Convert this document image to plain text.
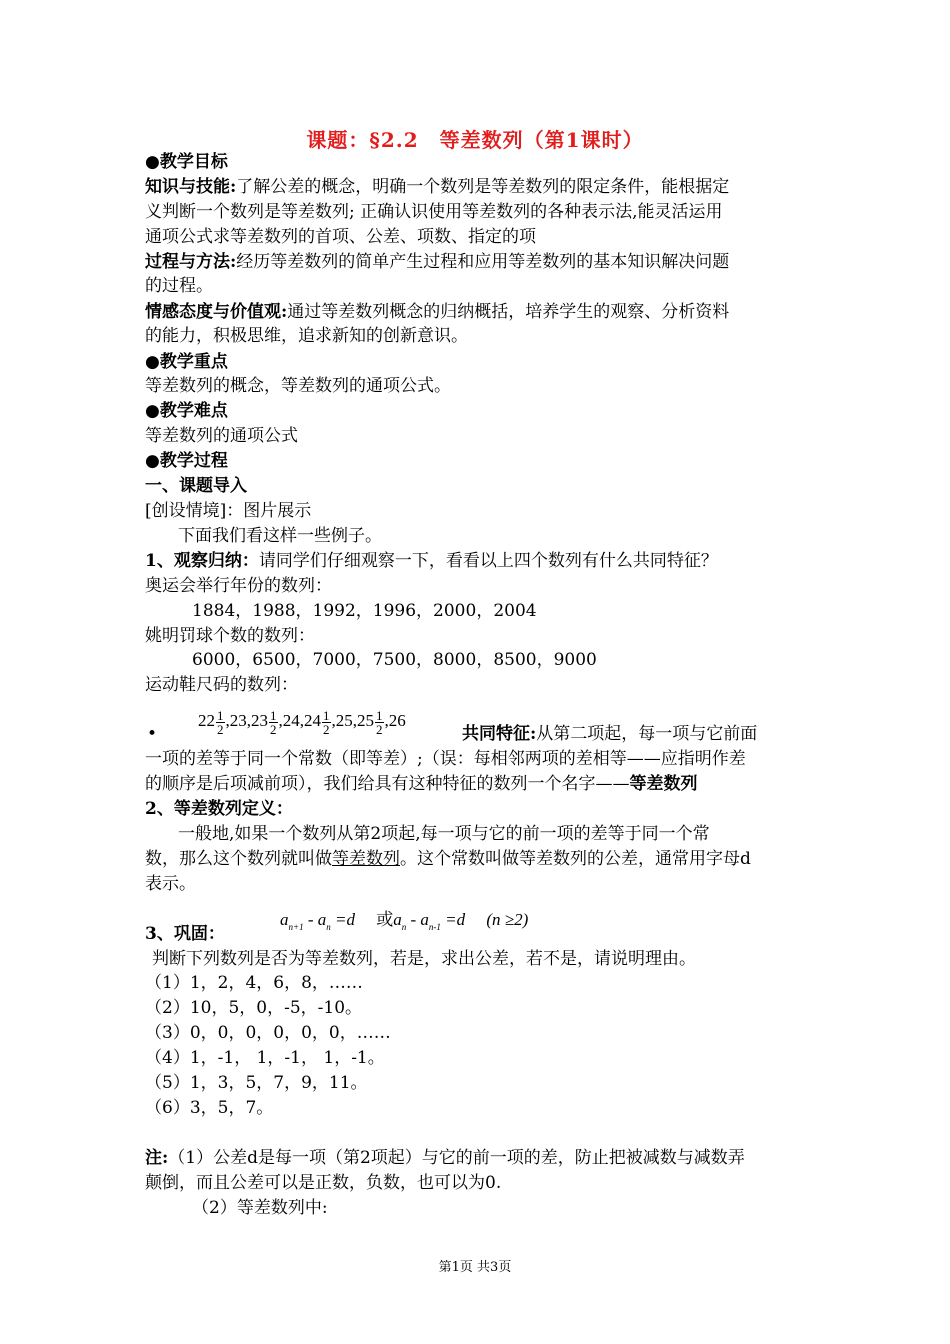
课题：§2.2　等差数列（第1课时）
●教学目标
知识与技能:了解公差的概念，明确一个数列是等差数列的限定条件，能根据定
义判断一个数列是等差数列; 正确认识使用等差数列的各种表示法,能灵活运用
通项公式求等差数列的首项、公差、项数、指定的项
过程与方法:经历等差数列的简单产生过程和应用等差数列的基本知识解决问题
的过程。
情感态度与价值观:通过等差数列概念的归纳概括，培养学生的观察、分析资料
的能力，积极思维，追求新知的创新意识。
●教学重点
等差数列的概念，等差数列的通项公式。
●教学难点
等差数列的通项公式
●教学过程
一、课题导入
[创设情境]：图片展示
下面我们看这样一些例子。
1、观察归纳：请同学们仔细观察一下，看看以上四个数列有什么共同特征？
奥运会举行年份的数列：
1884，1988，1992，1996，2000，2004
姚明罚球个数的数列：
6000，6500，7000，7500，8000，8500，9000
运动鞋尺码的数列：
•
$22 \frac{1}{2} ,23,23 \frac{1}{2} ,24,24 \frac{1}{2} ,25,25 \frac{1}{2} ,26$
共同特征:从第二项起，每一项与它前面
一项的差等于同一个常数（即等差）;（误：每相邻两项的差相等——应指明作差
的顺序是后项减前项），我们给具有这种特征的数列一个名字——等差数列
2、等差数列定义：
一般地,如果一个数列从第2项起,每一项与它的前一项的差等于同一个常
数，那么这个数列就叫做等差数列。这个常数叫做等差数列的公差，通常用字母d
表示。
3、巩固：
$a_{n+1} - a_n =d$ 或$a_n - a_{n-1} =d$ (n ≥2)
判断下列数列是否为等差数列，若是，求出公差，若不是，请说明理由。
（1）1，2，4，6，8，……
（2）10，5，0，-5，-10。
（3）0，0，0，0，0，0，……
（4）1，-1， 1，-1， 1，-1。
（5）1，3，5，7，9，11。
（6）3，5，7。
注:（1）公差d是每一项（第2项起）与它的前一项的差，防止把被减数与减数弄
颠倒，而且公差可以是正数，负数，也可以为0.
（2）等差数列中:
第1页 共3页
